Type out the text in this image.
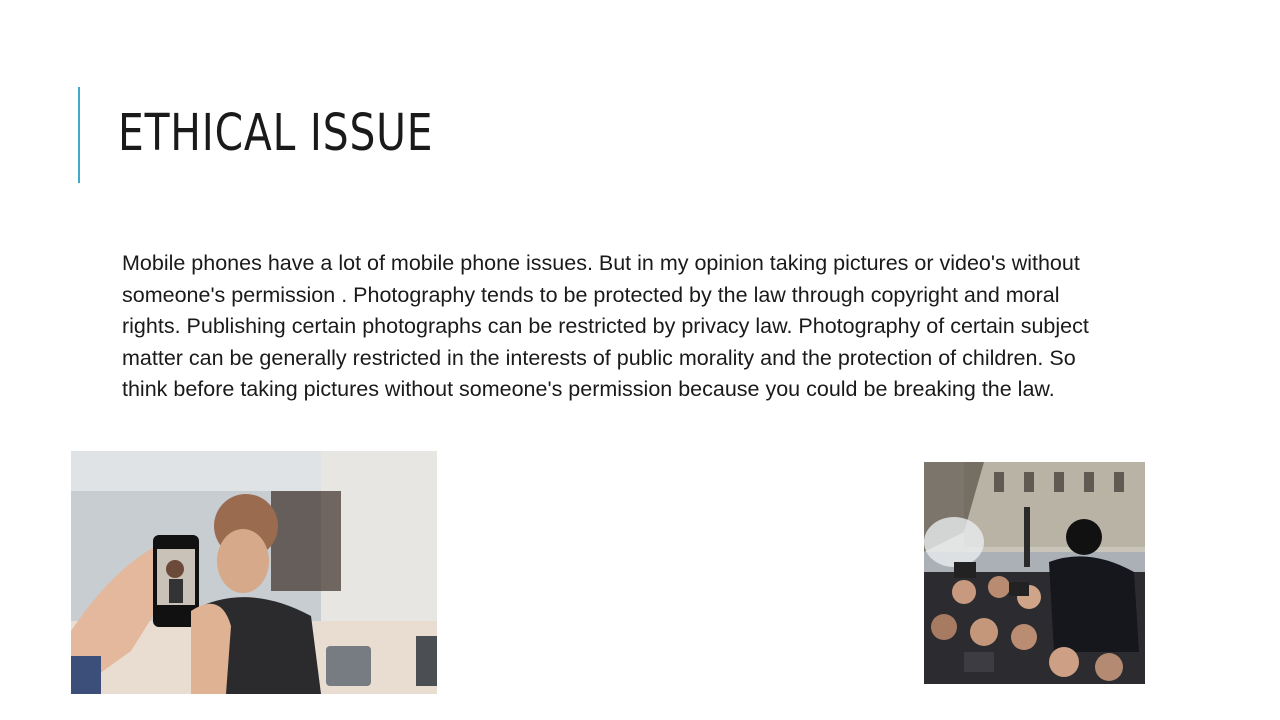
ETHICAL ISSUE

Mobile phones have a lot of mobile phone issues. But in my opinion taking pictures or video's without someone's permission . Photography tends to be protected by the law through copyright and moral rights. Publishing certain photographs can be restricted by privacy law. Photography of certain subject matter can be generally restricted in the interests of public morality and the protection of children. So think before taking pictures without someone's permission because you could be breaking the law.
